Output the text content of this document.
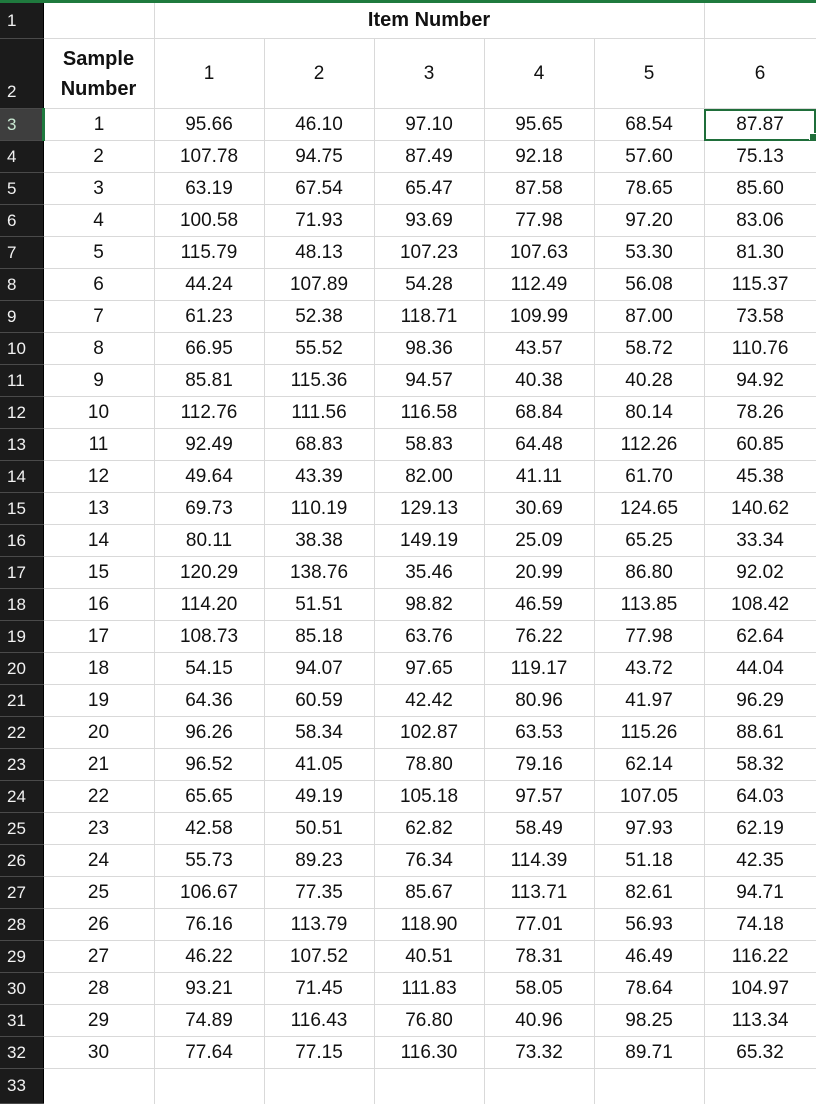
1		Item Number					
2	Sample Number	1	2	3	4	5	6
3	1	95.66	46.10	97.10	95.65	68.54	87.87

4	2	107.78	94.75	87.49	92.18	57.60	75.13
5	3	63.19	67.54	65.47	87.58	78.65	85.60
6	4	100.58	71.93	93.69	77.98	97.20	83.06
7	5	115.79	48.13	107.23	107.63	53.30	81.30
8	6	44.24	107.89	54.28	112.49	56.08	115.37
9	7	61.23	52.38	118.71	109.99	87.00	73.58
10	8	66.95	55.52	98.36	43.57	58.72	110.76
11	9	85.81	115.36	94.57	40.38	40.28	94.92
12	10	112.76	111.56	116.58	68.84	80.14	78.26
13	11	92.49	68.83	58.83	64.48	112.26	60.85
14	12	49.64	43.39	82.00	41.11	61.70	45.38
15	13	69.73	110.19	129.13	30.69	124.65	140.62
16	14	80.11	38.38	149.19	25.09	65.25	33.34
17	15	120.29	138.76	35.46	20.99	86.80	92.02
18	16	114.20	51.51	98.82	46.59	113.85	108.42
19	17	108.73	85.18	63.76	76.22	77.98	62.64
20	18	54.15	94.07	97.65	119.17	43.72	44.04
21	19	64.36	60.59	42.42	80.96	41.97	96.29
22	20	96.26	58.34	102.87	63.53	115.26	88.61
23	21	96.52	41.05	78.80	79.16	62.14	58.32
24	22	65.65	49.19	105.18	97.57	107.05	64.03
25	23	42.58	50.51	62.82	58.49	97.93	62.19
26	24	55.73	89.23	76.34	114.39	51.18	42.35
27	25	106.67	77.35	85.67	113.71	82.61	94.71
28	26	76.16	113.79	118.90	77.01	56.93	74.18
29	27	46.22	107.52	40.51	78.31	46.49	116.22
30	28	93.21	71.45	111.83	58.05	78.64	104.97
31	29	74.89	116.43	76.80	40.96	98.25	113.34
32	30	77.64	77.15	116.30	73.32	89.71	65.32
33							
